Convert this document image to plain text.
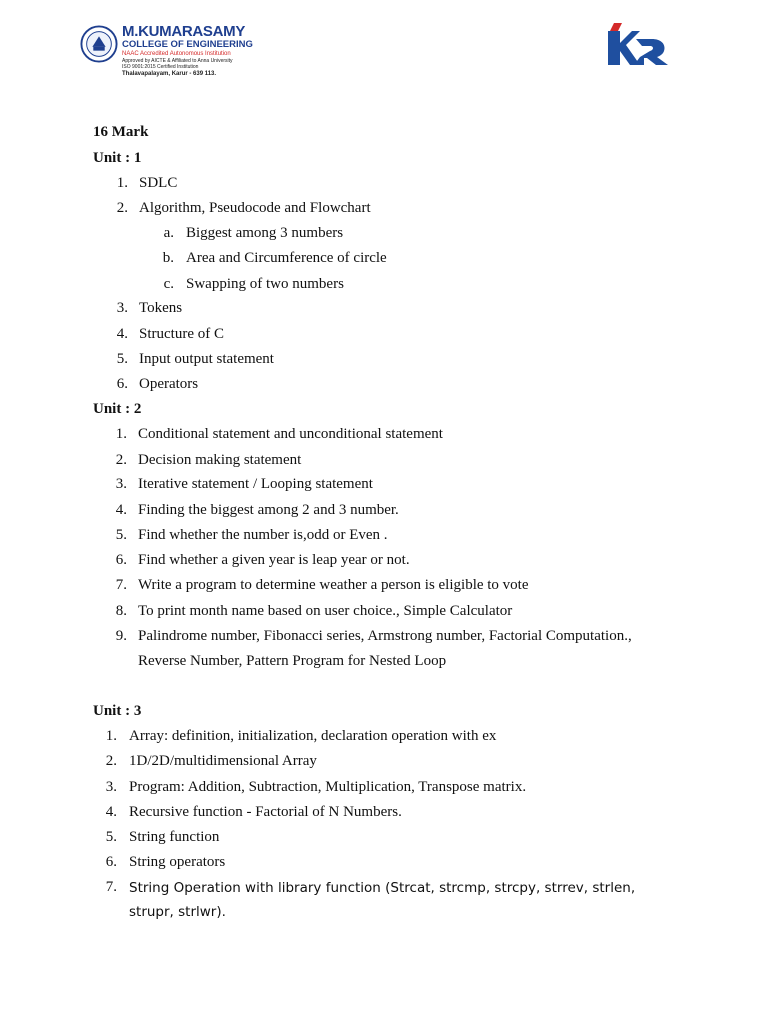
M.KUMARASAMY
COLLEGE OF ENGINEERING
NAAC Accredited Autonomous Institution
Approved by AICTE & Affiliated to Anna University
ISO 9001:2015 Certified Institution
Thalavapalayam, Karur - 639 113.
16 Mark
Unit : 1
1. SDLC
2. Algorithm, Pseudocode and Flowchart
a. Biggest among 3 numbers
b. Area and Circumference of circle
c. Swapping of two numbers
3. Tokens
4. Structure of C
5. Input output statement
6. Operators
Unit : 2
1. Conditional statement and unconditional statement
2. Decision making statement
3. Iterative statement / Looping statement
4. Finding the biggest among 2 and 3 number.
5. Find whether the number is,odd or Even .
6. Find whether a given year is leap year or not.
7. Write a program to determine weather a person is eligible to vote
8. To print month name based on user choice., Simple Calculator
9. Palindrome number, Fibonacci series, Armstrong number, Factorial Computation.,
Reverse Number, Pattern Program for Nested Loop
Unit : 3
1. Array: definition, initialization, declaration operation with ex
2. 1D/2D/multidimensional Array
3. Program: Addition, Subtraction, Multiplication, Transpose matrix.
4. Recursive function - Factorial of N Numbers.
5. String function
6. String operators
7. String Operation with library function (Strcat, strcmp, strcpy, strrev, strlen,
strupr, strlwr).
